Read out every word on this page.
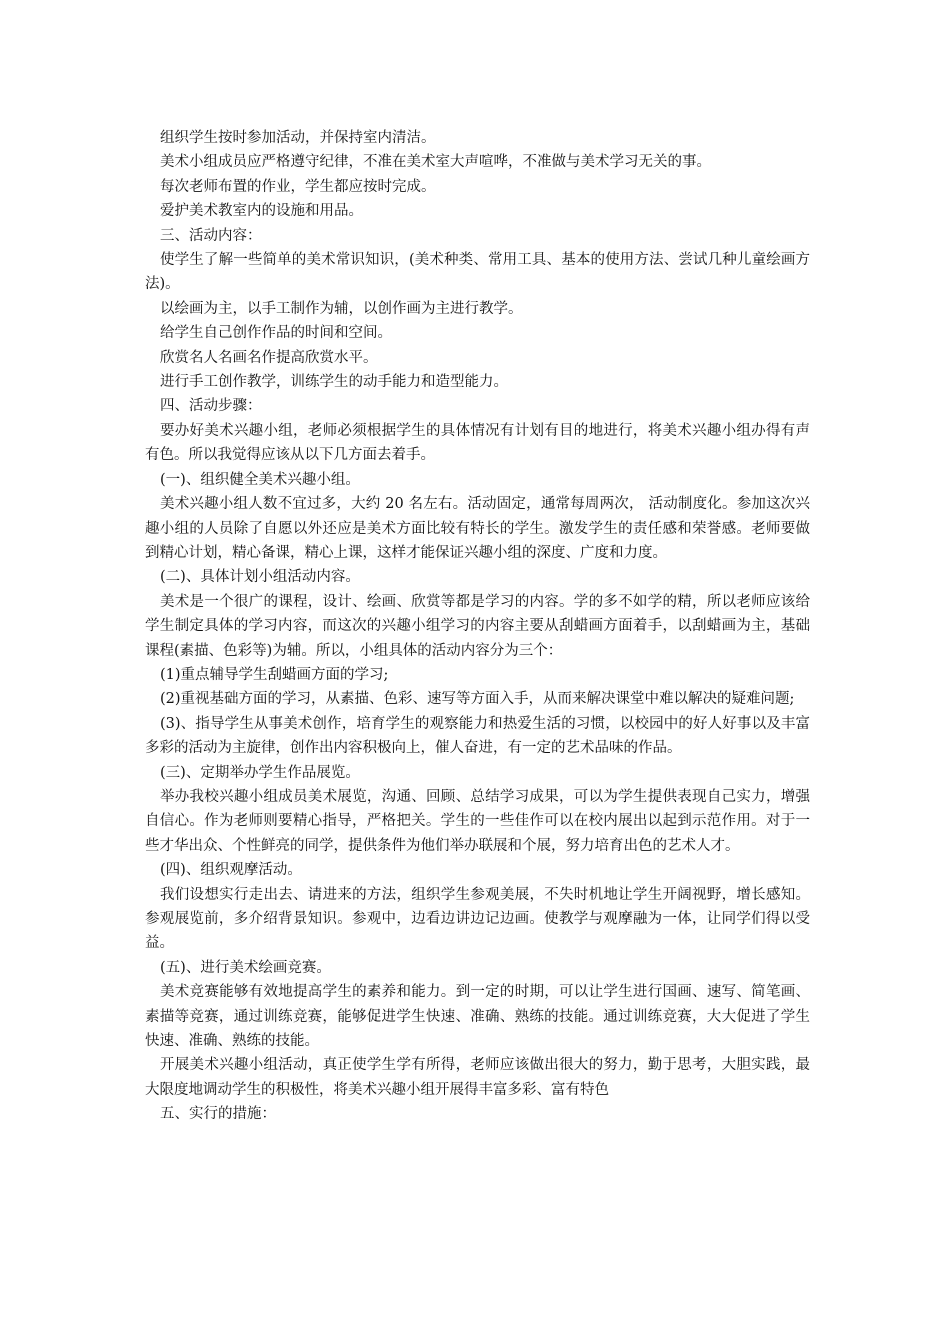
组织学生按时参加活动，并保持室内清洁。

美术小组成员应严格遵守纪律，不准在美术室大声喧哗，不准做与美术学习无关的事。

每次老师布置的作业，学生都应按时完成。

爱护美术教室内的设施和用品。

三、活动内容：

使学生了解一些简单的美术常识知识，(美术种类、常用工具、基本的使用方法、尝试几种儿童绘画方法)。

以绘画为主，以手工制作为辅，以创作画为主进行教学。

给学生自己创作作品的时间和空间。

欣赏名人名画名作提高欣赏水平。

进行手工创作教学，训练学生的动手能力和造型能力。

四、活动步骤：

要办好美术兴趣小组，老师必须根据学生的具体情况有计划有目的地进行，将美术兴趣小组办得有声有色。所以我觉得应该从以下几方面去着手。

(一)、组织健全美术兴趣小组。

美术兴趣小组人数不宜过多，大约 20 名左右。活动固定，通常每周两次， 活动制度化。参加这次兴趣小组的人员除了自愿以外还应是美术方面比较有特长的学生。激发学生的责任感和荣誉感。老师要做到精心计划，精心备课，精心上课，这样才能保证兴趣小组的深度、广度和力度。

(二)、具体计划小组活动内容。

美术是一个很广的课程，设计、绘画、欣赏等都是学习的内容。学的多不如学的精，所以老师应该给学生制定具体的学习内容，而这次的兴趣小组学习的内容主要从刮蜡画方面着手，以刮蜡画为主，基础课程(素描、色彩等)为辅。所以，小组具体的活动内容分为三个：

(1)重点辅导学生刮蜡画方面的学习;

(2)重视基础方面的学习，从素描、色彩、速写等方面入手，从而来解决课堂中难以解决的疑难问题;

(3)、指导学生从事美术创作，培育学生的观察能力和热爱生活的习惯，以校园中的好人好事以及丰富多彩的活动为主旋律，创作出内容积极向上，催人奋进，有一定的艺术品味的作品。

(三)、定期举办学生作品展览。

举办我校兴趣小组成员美术展览，沟通、回顾、总结学习成果，可以为学生提供表现自己实力，增强自信心。作为老师则要精心指导，严格把关。学生的一些佳作可以在校内展出以起到示范作用。对于一些才华出众、个性鲜亮的同学，提供条件为他们举办联展和个展，努力培育出色的艺术人才。

(四)、组织观摩活动。

我们设想实行走出去、请进来的方法，组织学生参观美展，不失时机地让学生开阔视野，增长感知。参观展览前，多介绍背景知识。参观中，边看边讲边记边画。使教学与观摩融为一体，让同学们得以受益。

(五)、进行美术绘画竞赛。

美术竞赛能够有效地提高学生的素养和能力。到一定的时期，可以让学生进行国画、速写、简笔画、素描等竞赛，通过训练竞赛，能够促进学生快速、准确、熟练的技能。通过训练竞赛，大大促进了学生快速、准确、熟练的技能。

开展美术兴趣小组活动，真正使学生学有所得，老师应该做出很大的努力，勤于思考，大胆实践，最大限度地调动学生的积极性，将美术兴趣小组开展得丰富多彩、富有特色

五、实行的措施：
